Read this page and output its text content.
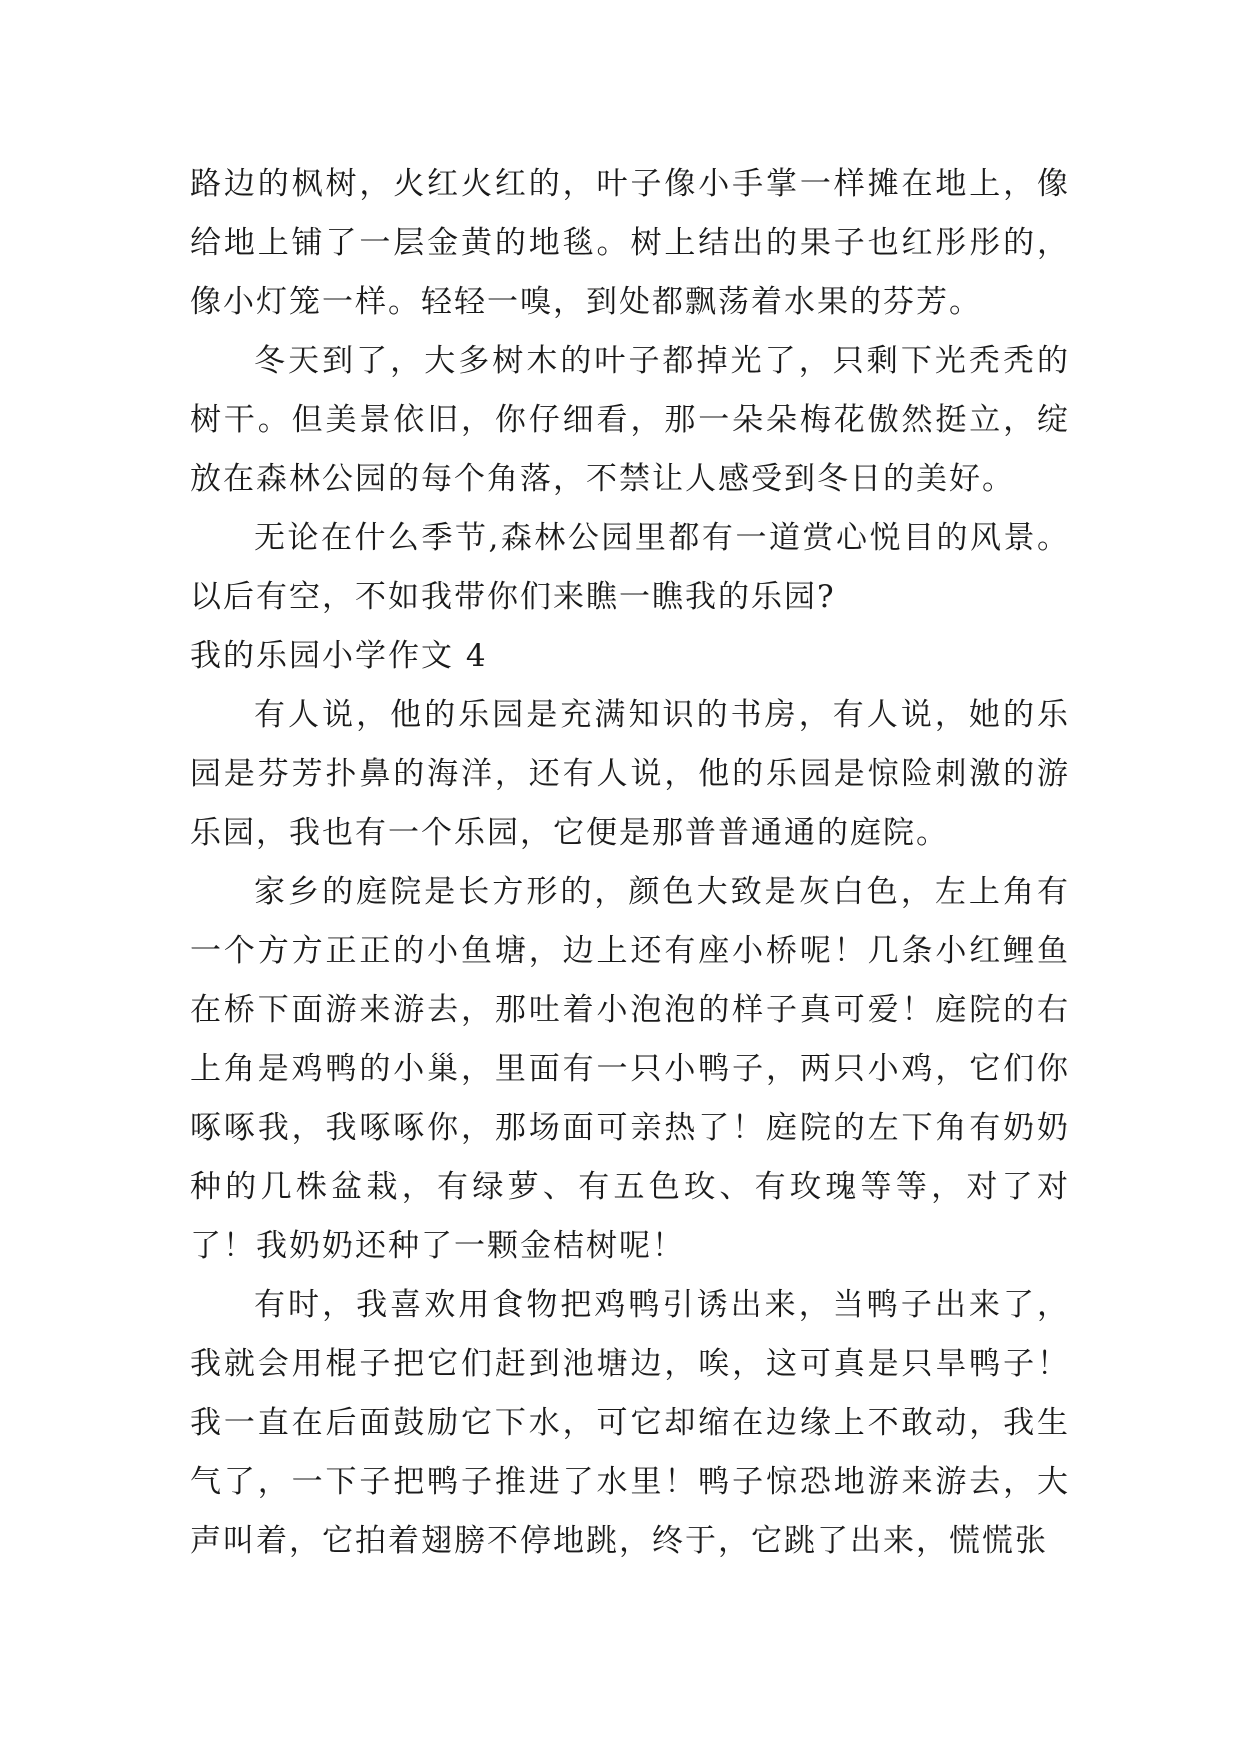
路边的枫树，火红火红的，叶子像小手掌一样摊在地上，像给地上铺了一层金黄的地毯。树上结出的果子也红彤彤的，像小灯笼一样。轻轻一嗅，到处都飘荡着水果的芬芳。

冬天到了，大多树木的叶子都掉光了，只剩下光秃秃的树干。但美景依旧，你仔细看，那一朵朵梅花傲然挺立，绽放在森林公园的每个角落，不禁让人感受到冬日的美好。

无论在什么季节,森林公园里都有一道赏心悦目的风景。以后有空，不如我带你们来瞧一瞧我的乐园?

我的乐园小学作文 4

有人说，他的乐园是充满知识的书房，有人说，她的乐园是芬芳扑鼻的海洋，还有人说，他的乐园是惊险刺激的游乐园，我也有一个乐园，它便是那普普通通的庭院。

家乡的庭院是长方形的，颜色大致是灰白色，左上角有一个方方正正的小鱼塘，边上还有座小桥呢！几条小红鲤鱼在桥下面游来游去，那吐着小泡泡的样子真可爱！庭院的右上角是鸡鸭的小巢，里面有一只小鸭子，两只小鸡，它们你啄啄我，我啄啄你，那场面可亲热了！庭院的左下角有奶奶种的几株盆栽，有绿萝、有五色玫、有玫瑰等等，对了对了！我奶奶还种了一颗金桔树呢！

有时，我喜欢用食物把鸡鸭引诱出来，当鸭子出来了，我就会用棍子把它们赶到池塘边，唉，这可真是只旱鸭子！我一直在后面鼓励它下水，可它却缩在边缘上不敢动，我生气了，一下子把鸭子推进了水里！鸭子惊恐地游来游去，大声叫着，它拍着翅膀不停地跳，终于，它跳了出来，慌慌张
